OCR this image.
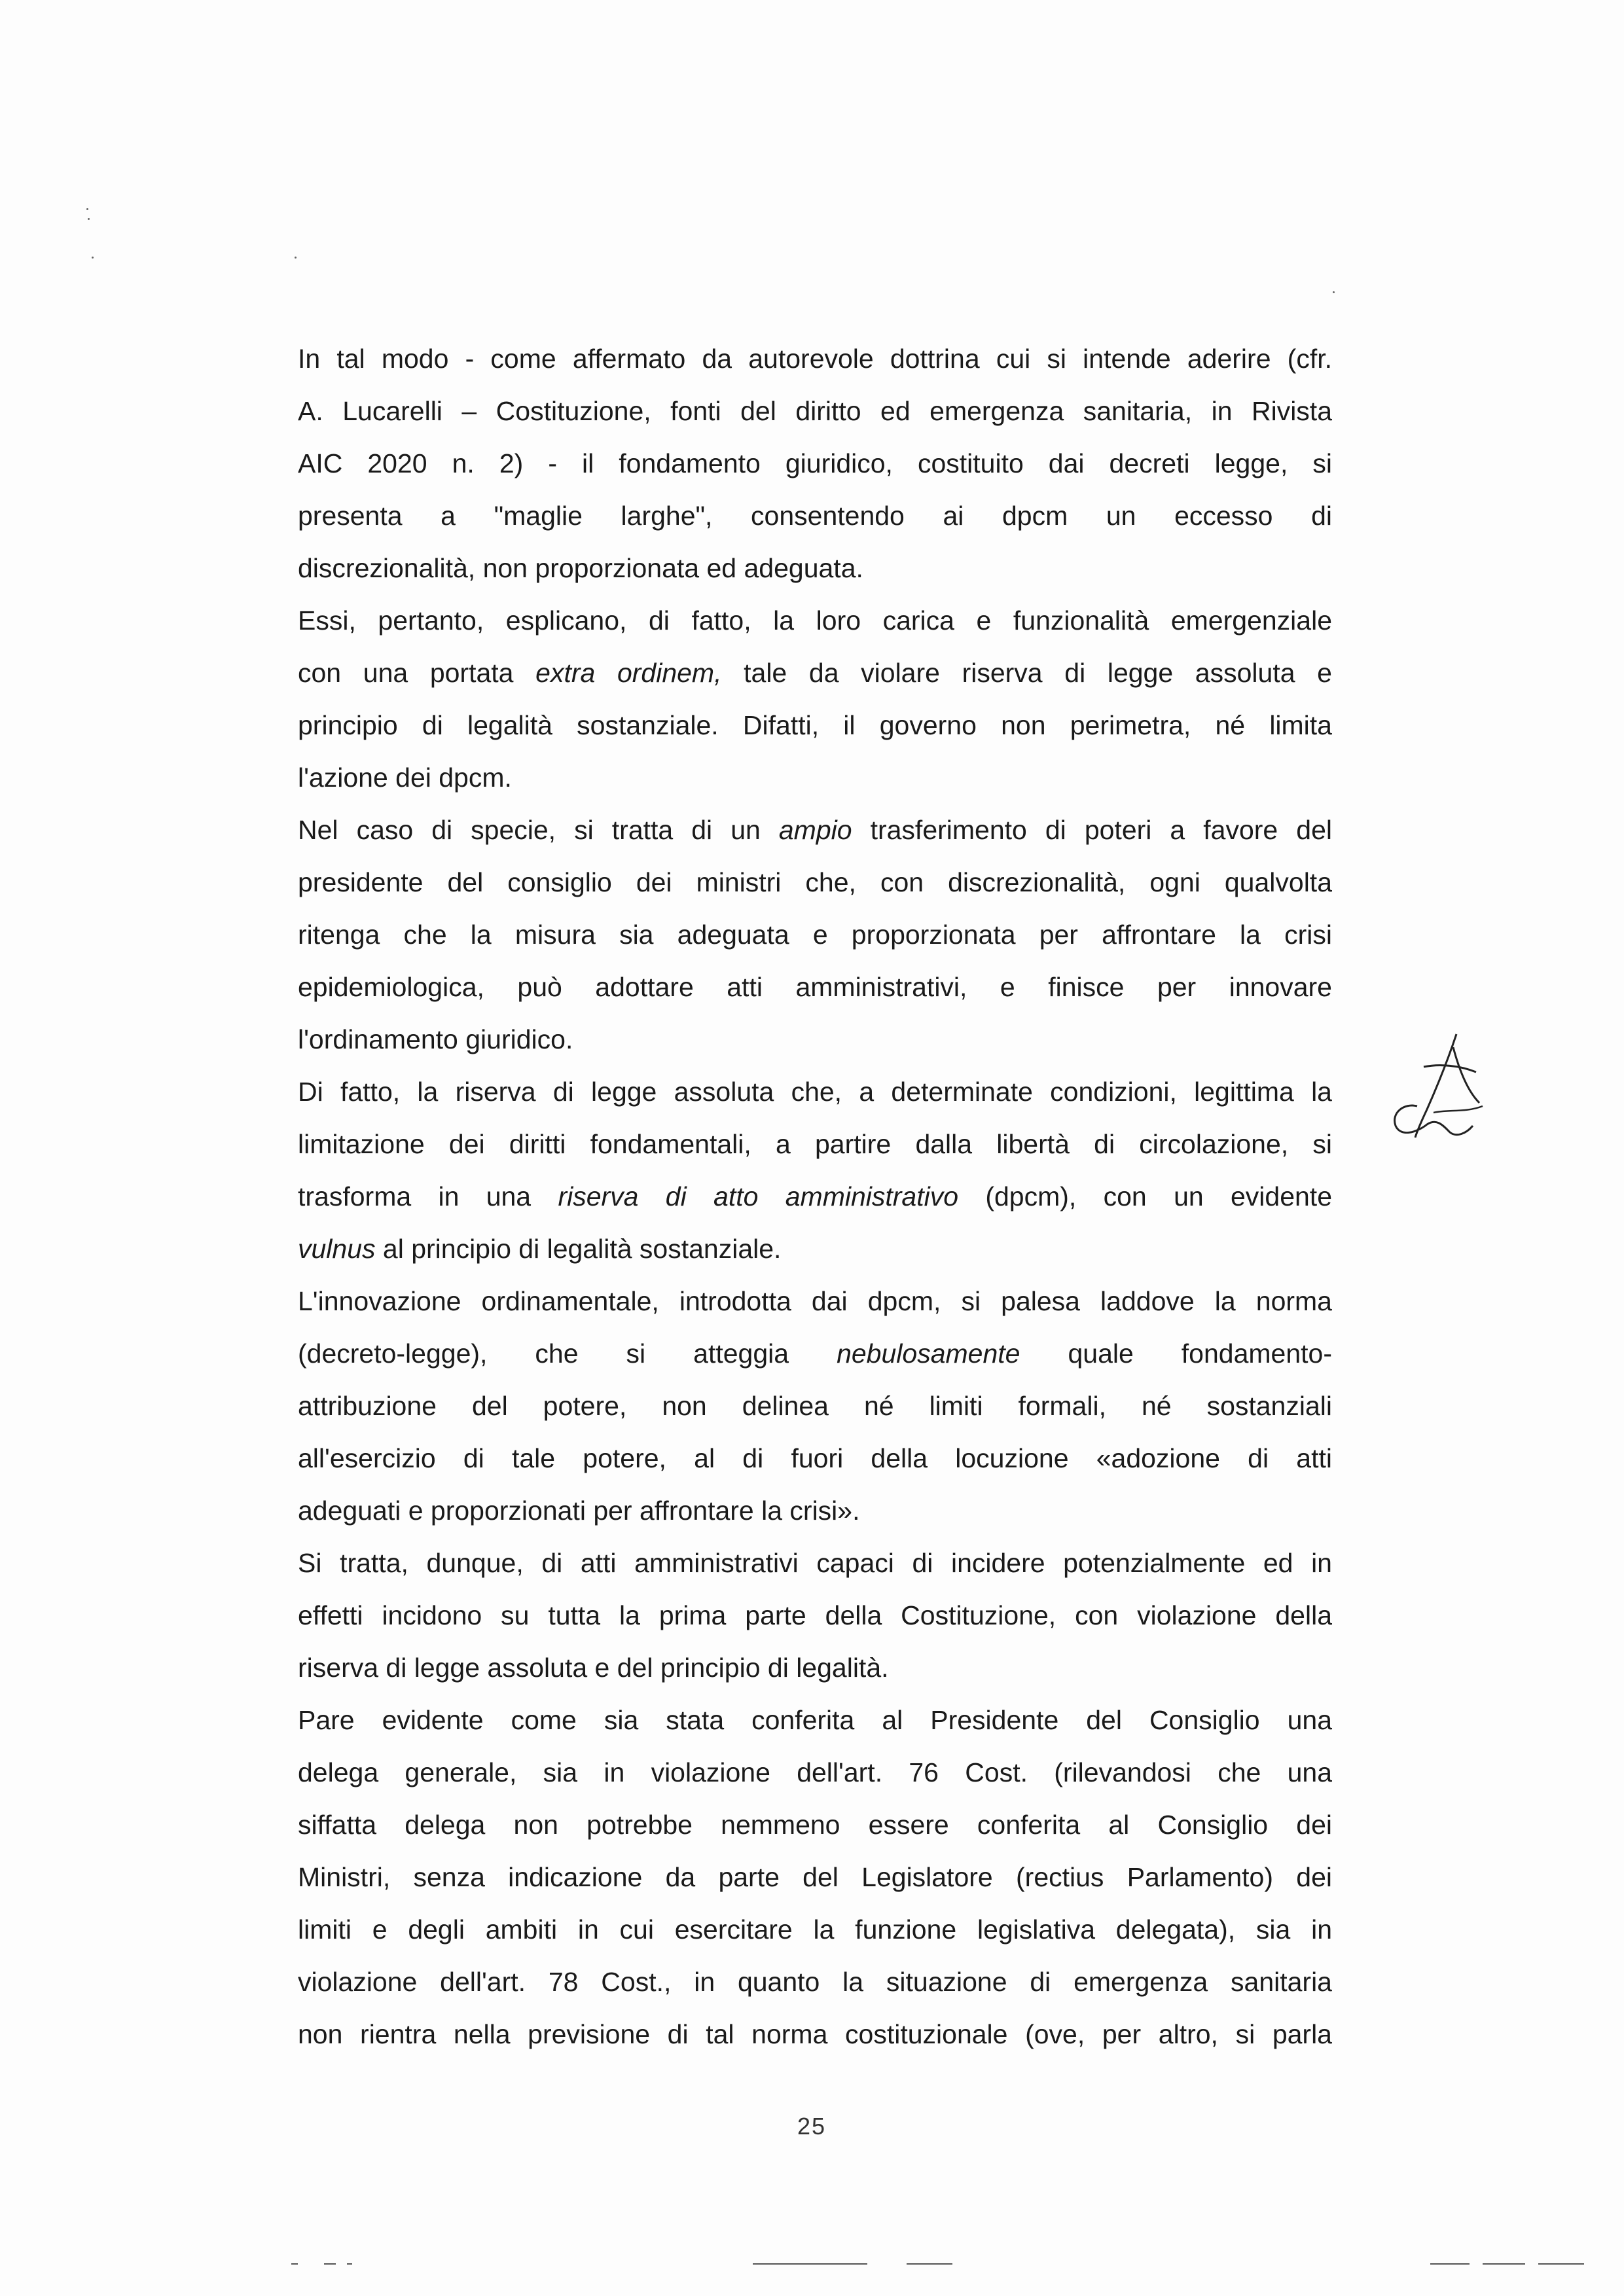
In tal modo - come affermato da autorevole dottrina cui si intende aderire (cfr.
A. Lucarelli – Costituzione, fonti del diritto ed emergenza sanitaria, in Rivista
AIC 2020 n. 2) - il fondamento giuridico, costituito dai decreti legge, si
presenta a "maglie larghe", consentendo ai dpcm un eccesso di
discrezionalità, non proporzionata ed adeguata.
Essi, pertanto, esplicano, di fatto, la loro carica e funzionalità emergenziale
con una portata extra ordinem, tale da violare riserva di legge assoluta e
principio di legalità sostanziale. Difatti, il governo non perimetra, né limita
l'azione dei dpcm.
Nel caso di specie, si tratta di un ampio trasferimento di poteri a favore del
presidente del consiglio dei ministri che, con discrezionalità, ogni qualvolta
ritenga che la misura sia adeguata e proporzionata per affrontare la crisi
epidemiologica, può adottare atti amministrativi, e finisce per innovare
l'ordinamento giuridico.
Di fatto, la riserva di legge assoluta che, a determinate condizioni, legittima la
limitazione dei diritti fondamentali, a partire dalla libertà di circolazione, si
trasforma in una riserva di atto amministrativo (dpcm), con un evidente
vulnus al principio di legalità sostanziale.
L'innovazione ordinamentale, introdotta dai dpcm, si palesa laddove la norma
(decreto-legge), che si atteggia nebulosamente quale fondamento-
attribuzione del potere, non delinea né limiti formali, né sostanziali
all'esercizio di tale potere, al di fuori della locuzione «adozione di atti
adeguati e proporzionati per affrontare la crisi».
Si tratta, dunque, di atti amministrativi capaci di incidere potenzialmente ed in
effetti incidono su tutta la prima parte della Costituzione, con violazione della
riserva di legge assoluta e del principio di legalità.
Pare evidente come sia stata conferita al Presidente del Consiglio una
delega generale, sia in violazione dell'art. 76 Cost. (rilevandosi che una
siffatta delega non potrebbe nemmeno essere conferita al Consiglio dei
Ministri, senza indicazione da parte del Legislatore (rectius Parlamento) dei
limiti e degli ambiti in cui esercitare la funzione legislativa delegata), sia in
violazione dell'art. 78 Cost., in quanto la situazione di emergenza sanitaria
non rientra nella previsione di tal norma costituzionale (ove, per altro, si parla
25
